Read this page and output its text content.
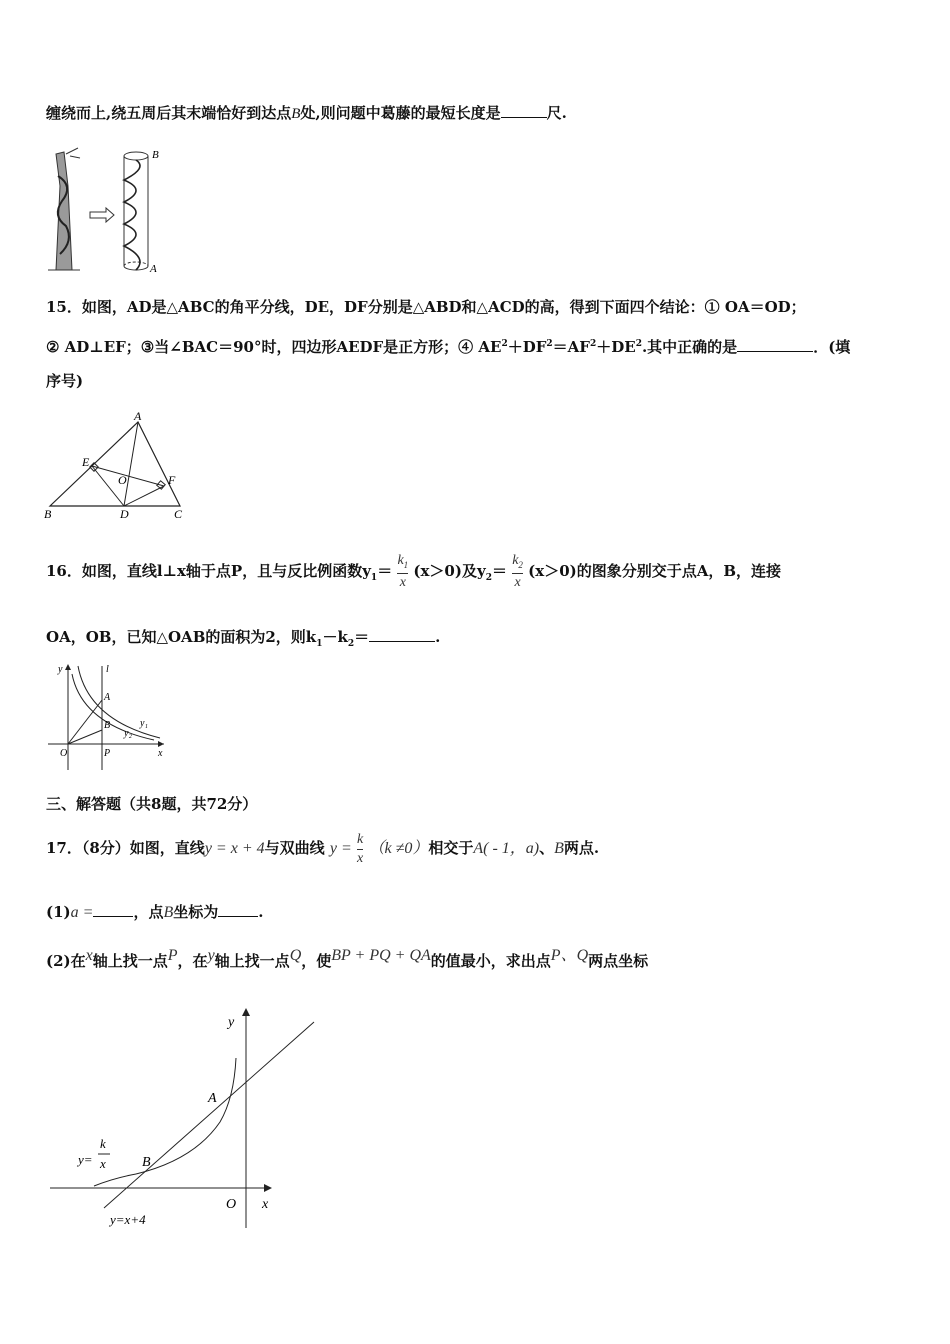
缠绕而上,绕五周后其末端恰好到达点B处,则问题中葛藤的最短长度是	尺.
B
A
15．如图，AD是△ABC的角平分线，DE，DF分别是△ABD和△ACD的高，得到下面四个结论：① OA＝OD；
② AD⊥EF；③当∠BAC＝90°时，四边形AEDF是正方形；④ $AE^2+DF^2=AF^2+DE^2$.其中正确的是	．(填
序号)
A
E
O	F
B	D	C
16．如图，直线l⊥x轴于点P，且与反比例函数$y_1= \frac{k_1}{x} (x>0)$及$y_2= \frac{k_2}{x} (x>0)$的图象分别交于点A，B，连接
OA，OB，已知△OAB的面积为2，则$k_1-k_2=$	.
y	l
A
B	y₁
y₂
O	P	x
三、解答题（共8题，共72分）
17．（8分）如图，直线y = x + 4与双曲线 $y = \frac{k}{x} (k \ne 0)$相交于A( - 1，a)、B两点.
(1)a =	，点B坐标为	.
(2)在$^x$轴上找一点$^P$，在$^y$轴上找一点$^Q$，使$^{BP + PQ + QA}$的值最小，求出点$^{P、Q}$两点坐标
y
A
B
O x
y=
k
x
y=x+4
